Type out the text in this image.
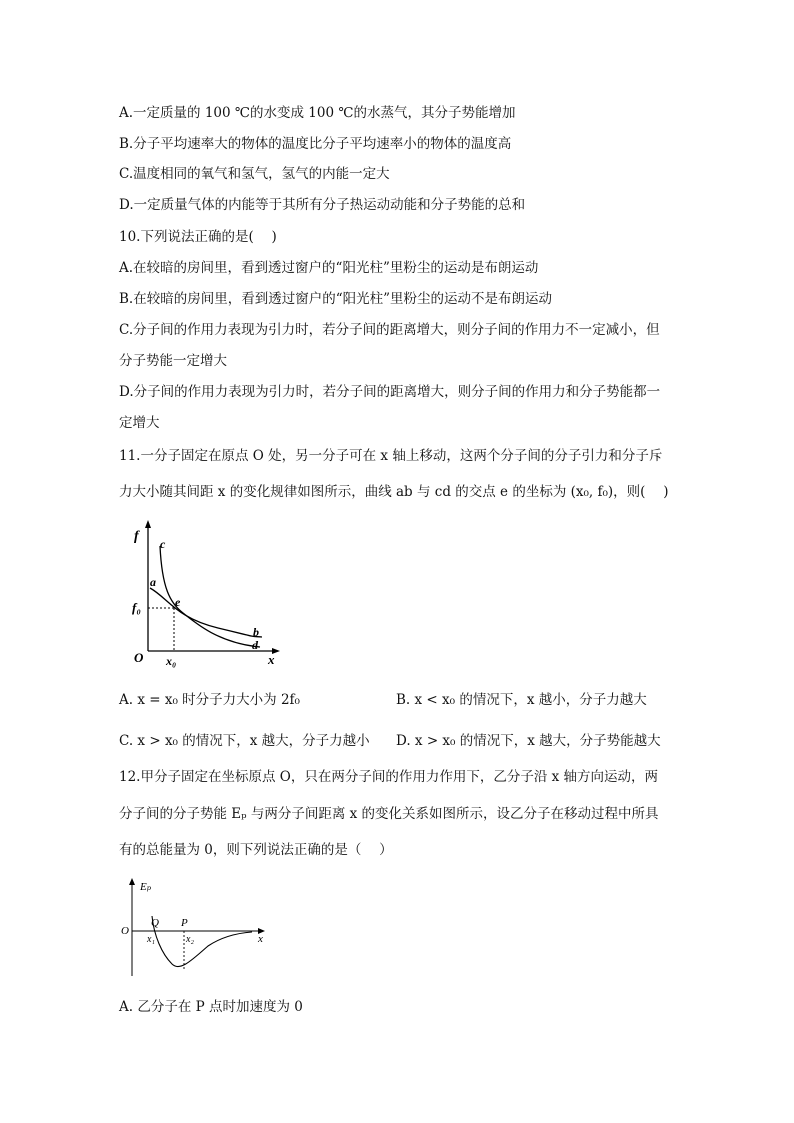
A.一定质量的 100 ℃的水变成 100 ℃的水蒸气，其分子势能增加
B.分子平均速率大的物体的温度比分子平均速率小的物体的温度高
C.温度相同的氧气和氢气，氢气的内能一定大
D.一定质量气体的内能等于其所有分子热运动动能和分子势能的总和
10.下列说法正确的是(　 )
A.在较暗的房间里，看到透过窗户的“阳光柱”里粉尘的运动是布朗运动
B.在较暗的房间里，看到透过窗户的“阳光柱”里粉尘的运动不是布朗运动
C.分子间的作用力表现为引力时，若分子间的距离增大，则分子间的作用力不一定减小，但
分子势能一定增大
D.分子间的作用力表现为引力时，若分子间的距离增大，则分子间的作用力和分子势能都一
定增大
11.一分子固定在原点 O 处，另一分子可在 x 轴上移动，这两个分子间的分子引力和分子斥
力大小随其间距 x 的变化规律如图所示，曲线 ab 与 cd 的交点 e 的坐标为 (x₀, f₀)，则(　 )
f c
a
e
f₀
b
d
O x₀	x
A. x = x₀ 时分子力大小为 2f₀	B. x < x₀ 的情况下，x 越小，分子力越大
C. x > x₀ 的情况下，x 越大，分子力越小 D. x > x₀ 的情况下，x 越大，分子势能越大
12.甲分子固定在坐标原点 O，只在两分子间的作用力作用下，乙分子沿 x 轴方向运动，两
分子间的分子势能 Eₚ 与两分子间距离 x 的变化关系如图所示，设乙分子在移动过程中所具
有的总能量为 0，则下列说法正确的是（　 ）
Eₚ
Q P
O
x₁	x₂	x
A. 乙分子在 P 点时加速度为 0
